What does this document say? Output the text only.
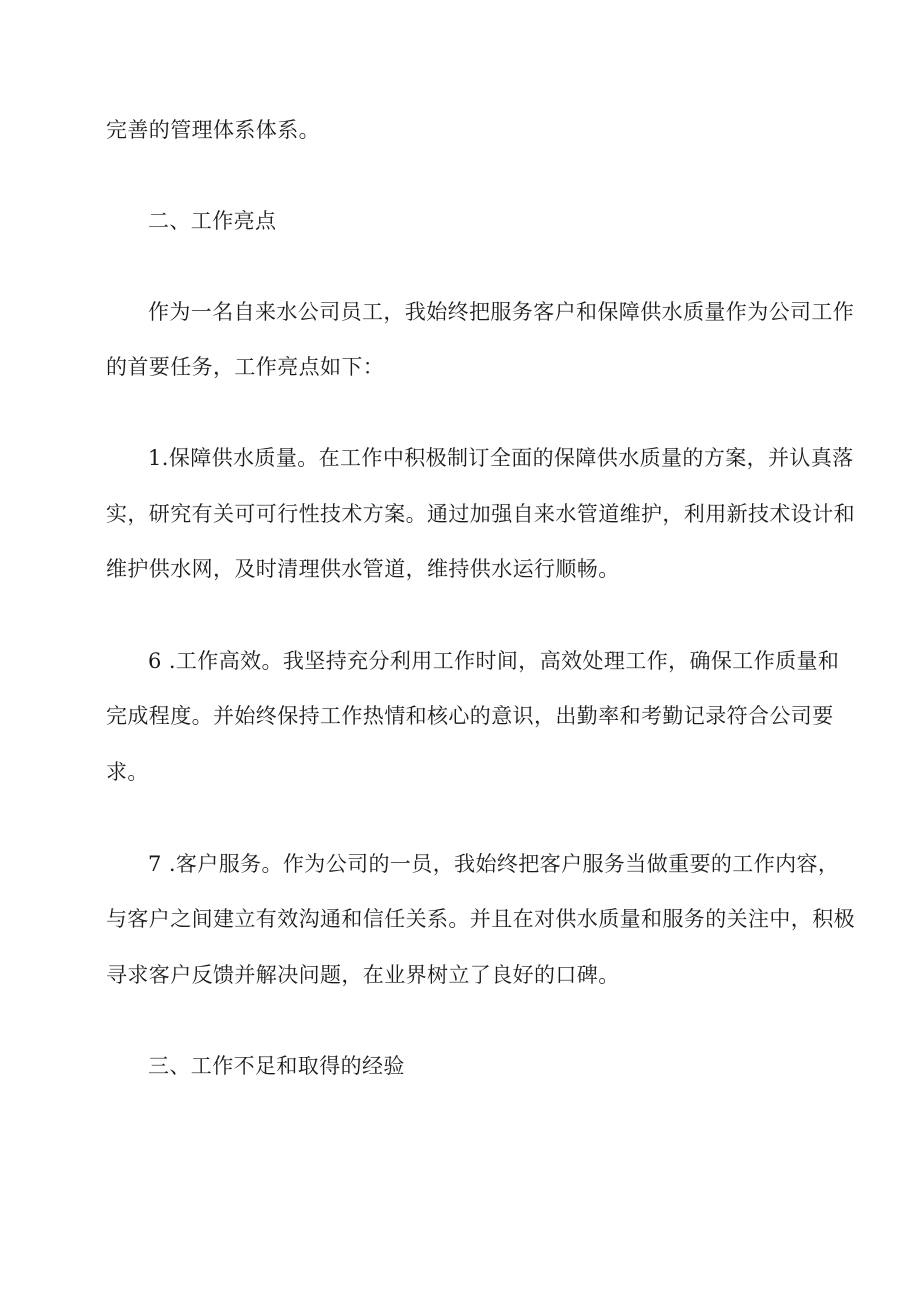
完善的管理体系体系。
二、工作亮点
作为一名自来水公司员工，我始终把服务客户和保障供水质量作为公司工作
的首要任务，工作亮点如下：
1.保障供水质量。在工作中积极制订全面的保障供水质量的方案，并认真落
实，研究有关可可行性技术方案。通过加强自来水管道维护，利用新技术设计和
维护供水网，及时清理供水管道，维持供水运行顺畅。
6 .工作高效。我坚持充分利用工作时间，高效处理工作，确保工作质量和
完成程度。并始终保持工作热情和核心的意识，出勤率和考勤记录符合公司要
求。
7 .客户服务。作为公司的一员，我始终把客户服务当做重要的工作内容，
与客户之间建立有效沟通和信任关系。并且在对供水质量和服务的关注中，积极
寻求客户反馈并解决问题，在业界树立了良好的口碑。
三、工作不足和取得的经验
